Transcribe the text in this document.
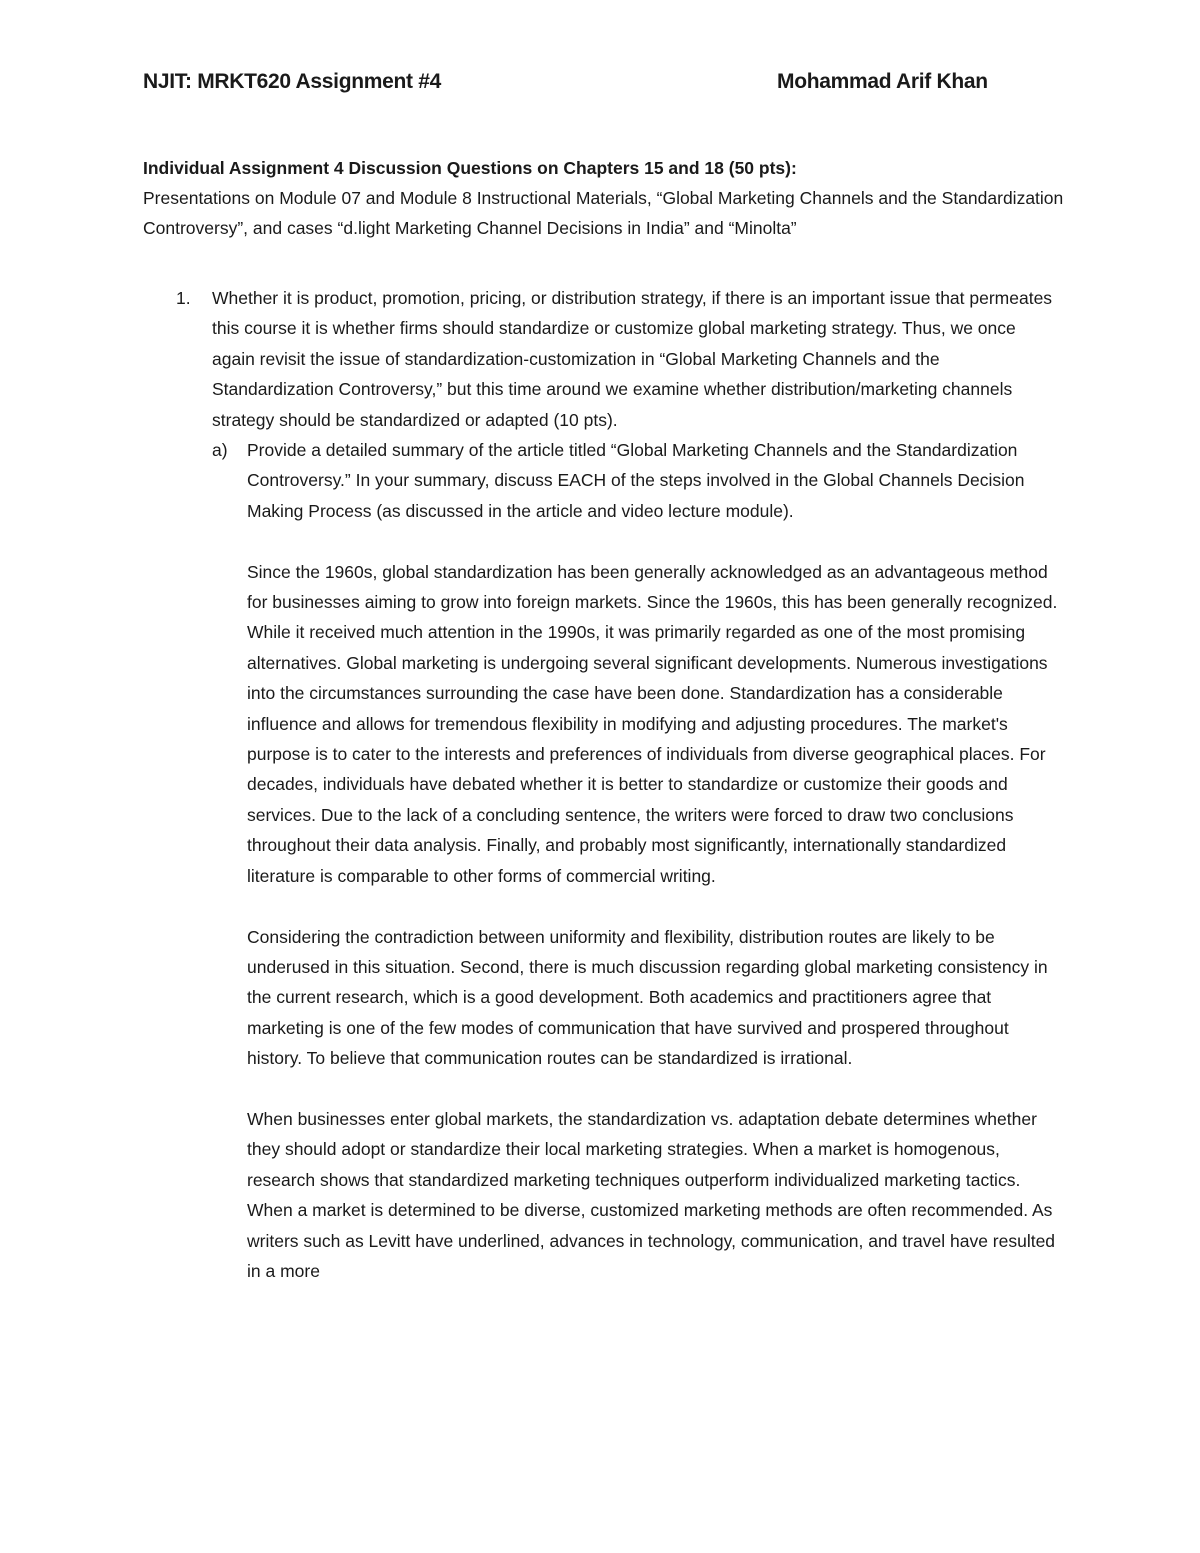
NJIT: MRKT620 Assignment #4	Mohammad Arif Khan
Individual Assignment 4 Discussion Questions on Chapters 15 and 18 (50 pts):

Presentations on Module 07 and Module 8 Instructional Materials, “Global Marketing Channels and the Standardization Controversy”, and cases “d.light Marketing Channel Decisions in India” and “Minolta”

1. Whether it is product, promotion, pricing, or distribution strategy, if there is an important issue that permeates this course it is whether firms should standardize or customize global marketing strategy. Thus, we once again revisit the issue of standardization-customization in “Global Marketing Channels and the Standardization Controversy,” but this time around we examine whether distribution/marketing channels strategy should be standardized or adapted (10 pts).
a) Provide a detailed summary of the article titled “Global Marketing Channels and the Standardization Controversy.” In your summary, discuss EACH of the steps involved in the Global Channels Decision Making Process (as discussed in the article and video lecture module).

Since the 1960s, global standardization has been generally acknowledged as an advantageous method for businesses aiming to grow into foreign markets. Since the 1960s, this has been generally recognized. While it received much attention in the 1990s, it was primarily regarded as one of the most promising alternatives. Global marketing is undergoing several significant developments. Numerous investigations into the circumstances surrounding the case have been done. Standardization has a considerable influence and allows for tremendous flexibility in modifying and adjusting procedures. The market's purpose is to cater to the interests and preferences of individuals from diverse geographical places. For decades, individuals have debated whether it is better to standardize or customize their goods and services. Due to the lack of a concluding sentence, the writers were forced to draw two conclusions throughout their data analysis. Finally, and probably most significantly, internationally standardized literature is comparable to other forms of commercial writing.

Considering the contradiction between uniformity and flexibility, distribution routes are likely to be underused in this situation. Second, there is much discussion regarding global marketing consistency in the current research, which is a good development. Both academics and practitioners agree that marketing is one of the few modes of communication that have survived and prospered throughout history. To believe that communication routes can be standardized is irrational.

When businesses enter global markets, the standardization vs. adaptation debate determines whether they should adopt or standardize their local marketing strategies. When a market is homogenous, research shows that standardized marketing techniques outperform individualized marketing tactics. When a market is determined to be diverse, customized marketing methods are often recommended. As writers such as Levitt have underlined, advances in technology, communication, and travel have resulted in a more
